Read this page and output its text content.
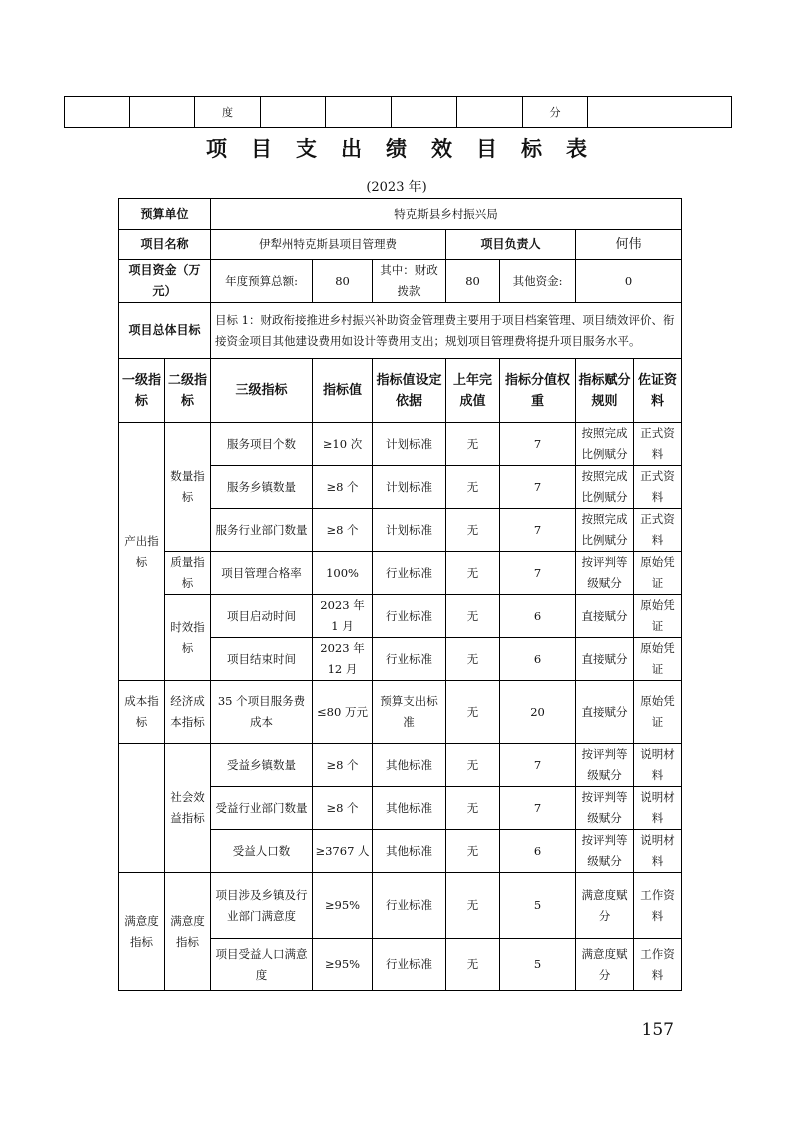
		度					分	
项目支出绩效目标表
(2023 年)
预算单位		特克斯县乡村振兴局						
项目名称		伊犁州特克斯县项目管理费			项目负责人		何伟	
项目资金（万元）		年度预算总额:	80	其中：财政拨款	80	其他资金:	0	
项目总体目标		目标 1：财政衔接推进乡村振兴补助资金管理费主要用于项目档案管理、项目绩效评价、衔接资金项目其他建设费用如设计等费用支出；规划项目管理费将提升项目服务水平。						
一级指标	二级指标	三级指标	指标值	指标值设定依据	上年完成值	指标分值权重	指标赋分规则	佐证资料
产出指标	数量指标	服务项目个数	≥10 次	计划标准	无	7	按照完成比例赋分	正式资料
		服务乡镇数量	≥8 个	计划标准	无	7	按照完成比例赋分	正式资料
		服务行业部门数量	≥8 个	计划标准	无	7	按照完成比例赋分	正式资料
	质量指标	项目管理合格率	100%	行业标准	无	7	按评判等级赋分	原始凭证
	时效指标	项目启动时间	2023 年 1 月	行业标准	无	6	直接赋分	原始凭证
		项目结束时间	2023 年 12 月	行业标准	无	6	直接赋分	原始凭证
成本指标	经济成本指标	35 个项目服务费成本	≤80 万元	预算支出标准	无	20	直接赋分	原始凭证
	社会效益指标	受益乡镇数量	≥8 个	其他标准	无	7	按评判等级赋分	说明材料
		受益行业部门数量	≥8 个	其他标准	无	7	按评判等级赋分	说明材料
		受益人口数	≥3767 人	其他标准	无	6	按评判等级赋分	说明材料
满意度指标	满意度指标	项目涉及乡镇及行业部门满意度	≥95%	行业标准	无	5	满意度赋分	工作资料
		项目受益人口满意度	≥95%	行业标准	无	5	满意度赋分	工作资料
157
